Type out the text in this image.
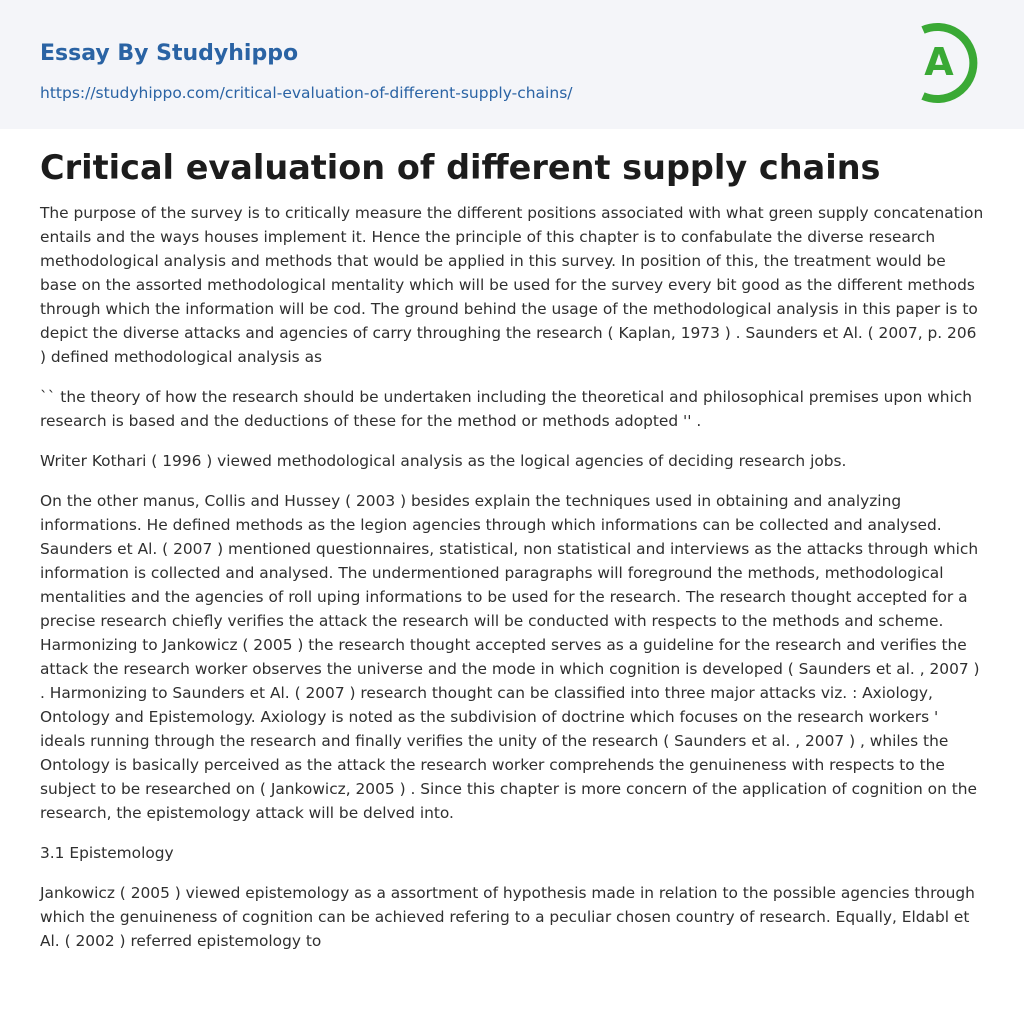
Essay By Studyhippo
https://studyhippo.com/critical-evaluation-of-different-supply-chains/
A
Critical evaluation of different supply chains

The purpose of the survey is to critically measure the different positions associated with what green supply concatenation entails and the ways houses implement it. Hence the principle of this chapter is to confabulate the diverse research methodological analysis and methods that would be applied in this survey. In position of this, the treatment would be base on the assorted methodological mentality which will be used for the survey every bit good as the different methods through which the information will be cod. The ground behind the usage of the methodological analysis in this paper is to depict the diverse attacks and agencies of carry throughing the research ( Kaplan, 1973 ) . Saunders et Al. ( 2007, p. 206 ) defined methodological analysis as

`` the theory of how the research should be undertaken including the theoretical and philosophical premises upon which research is based and the deductions of these for the method or methods adopted '' .

Writer Kothari ( 1996 ) viewed methodological analysis as the logical agencies of deciding research jobs.

On the other manus, Collis and Hussey ( 2003 ) besides explain the techniques used in obtaining and analyzing informations. He defined methods as the legion agencies through which informations can be collected and analysed. Saunders et Al. ( 2007 ) mentioned questionnaires, statistical, non statistical and interviews as the attacks through which information is collected and analysed. The undermentioned paragraphs will foreground the methods, methodological mentalities and the agencies of roll uping informations to be used for the research. The research thought accepted for a precise research chiefly verifies the attack the research will be conducted with respects to the methods and scheme. Harmonizing to Jankowicz ( 2005 ) the research thought accepted serves as a guideline for the research and verifies the attack the research worker observes the universe and the mode in which cognition is developed ( Saunders et al. , 2007 ) . Harmonizing to Saunders et Al. ( 2007 ) research thought can be classified into three major attacks viz. : Axiology, Ontology and Epistemology. Axiology is noted as the subdivision of doctrine which focuses on the research workers ' ideals running through the research and finally verifies the unity of the research ( Saunders et al. , 2007 ) , whiles the Ontology is basically perceived as the attack the research worker comprehends the genuineness with respects to the subject to be researched on ( Jankowicz, 2005 ) . Since this chapter is more concern of the application of cognition on the research, the epistemology attack will be delved into.

3.1 Epistemology

Jankowicz ( 2005 ) viewed epistemology as a assortment of hypothesis made in relation to the possible agencies through which the genuineness of cognition can be achieved refering to a peculiar chosen country of research. Equally, Eldabl et Al. ( 2002 ) referred epistemology to
